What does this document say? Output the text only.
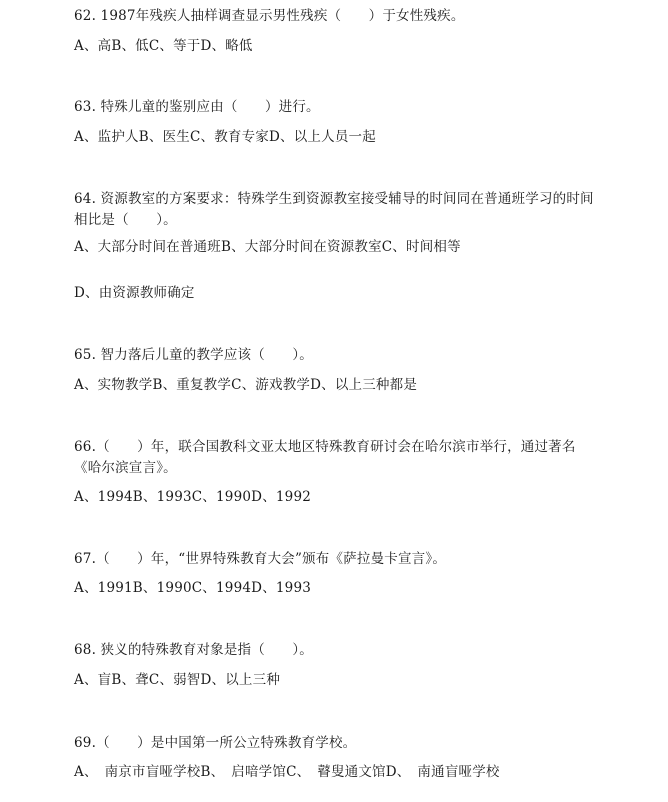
62. 1987年残疾人抽样调查显示男性残疾（　　）于女性残疾。
A、高B、低C、等于D、略低
63. 特殊儿童的鉴别应由（　　）进行。
A、监护人B、医生C、教育专家D、以上人员一起
64. 资源教室的方案要求：特殊学生到资源教室接受辅导的时间同在普通班学习的时间相比是（　　）。
A、大部分时间在普通班B、大部分时间在资源教室C、时间相等
D、由资源教师确定
65. 智力落后儿童的教学应该（　　）。
A、实物教学B、重复教学C、游戏教学D、以上三种都是
66.（　　）年，联合国教科文亚太地区特殊教育研讨会在哈尔滨市举行，通过著名《哈尔滨宣言》。
A、1994B、1993C、1990D、1992
67.（　　）年，“世界特殊教育大会”颁布《萨拉曼卡宣言》。
A、1991B、1990C、1994D、1993
68. 狭义的特殊教育对象是指（　　）。
A、盲B、聋C、弱智D、以上三种
69.（　　）是中国第一所公立特殊教育学校。
A、　南京市盲哑学校B、　启喑学馆C、　瞽叟通文馆D、　南通盲哑学校
